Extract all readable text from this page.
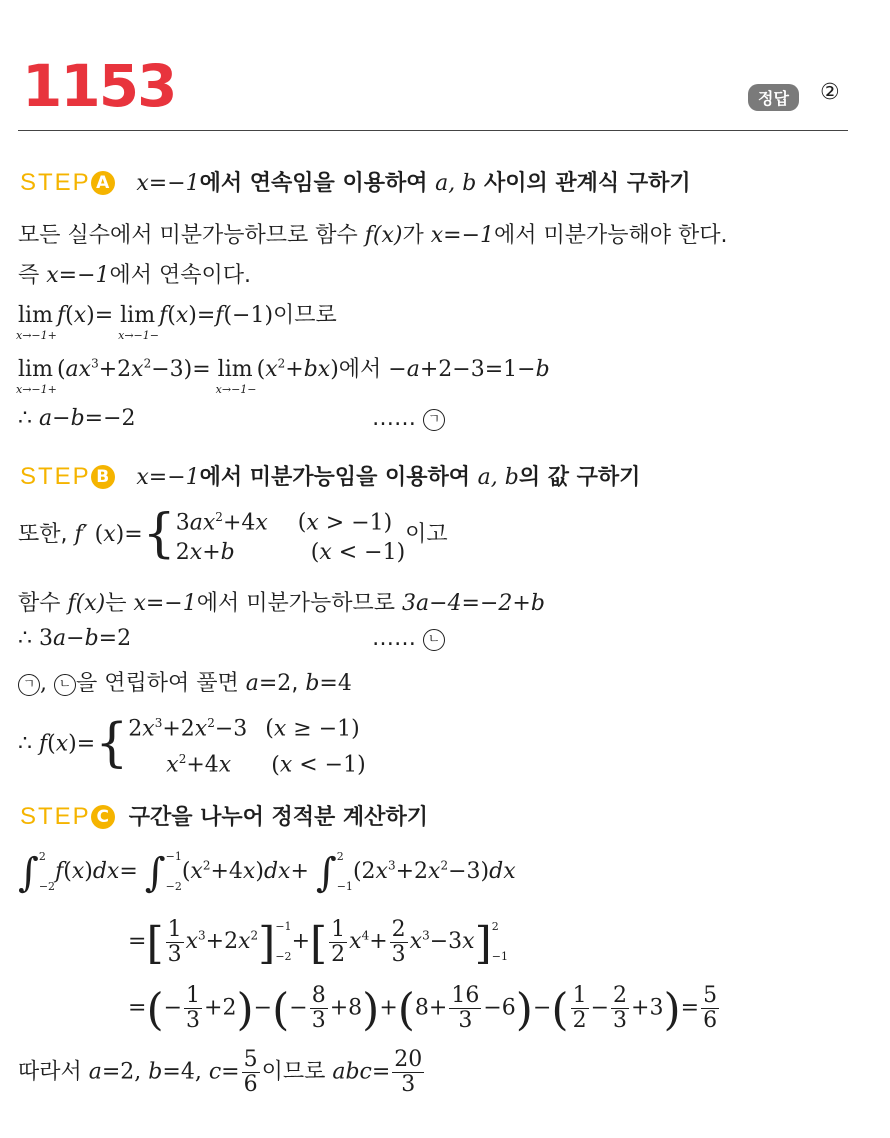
1153	정답	②
STEP A x=−1에서 연속임을 이용하여 a, b 사이의 관계식 구하기
모든 실수에서 미분가능하므로 함수 f(x)가 x=−1에서 미분가능해야 한다.
즉 x=−1에서 연속이다.
lim
x→−1+
f(x)= lim
x→−1−
f(x)=f(−1)이므로
lim
x→−1+
$(ax^3+2x^2-3)= \lim$
x→−1−
$(x^2+bx)$에서 −a+2−3=1−b
∴ a−b=−2	…… ㄱ
STEP B x=−1에서 미분가능임을 이용하여 a, b의 값 구하기
또한, f′ (x)={ $3ax^2+4x$ (x > −1)
2x+b	(x < −1)
이고
함수 f(x)는 x=−1에서 미분가능하므로 3a−4=−2+b
∴ 3a−b=2	…… ㄴ
ㄱ , ㄴ 을 연립하여 풀면 a=2, b=4
∴ f(x)={ $2x^3+2x^2-3$ (x ≥ −1)
$x^2+4x$ (x < −1)
STEP C 구간을 나누어 정적분 계산하기
∫ 2
−2
f(x)dx= ∫ −1
−2
$(x^2+4x)dx+$ ∫ 2
−1
$(2x^3+2x^2-3)dx$
=[ $\frac{1}{3} x^3+2x^2] -1$
−2
+[ $\frac{1}{2} x^4+ \frac{2}{3} x^3-3x$] 2
−1
=(− $\frac{1}{3} +2)-(- \frac{8}{3} +8)+(8+ \frac{16}{3} -6)-( \frac{1}{2} - \frac{2}{3} +3)= \frac{5}{6}$
따라서 a=2, b=4, $c= \frac{5}{6}$ 이므로 $abc= \frac{20}{3}$
